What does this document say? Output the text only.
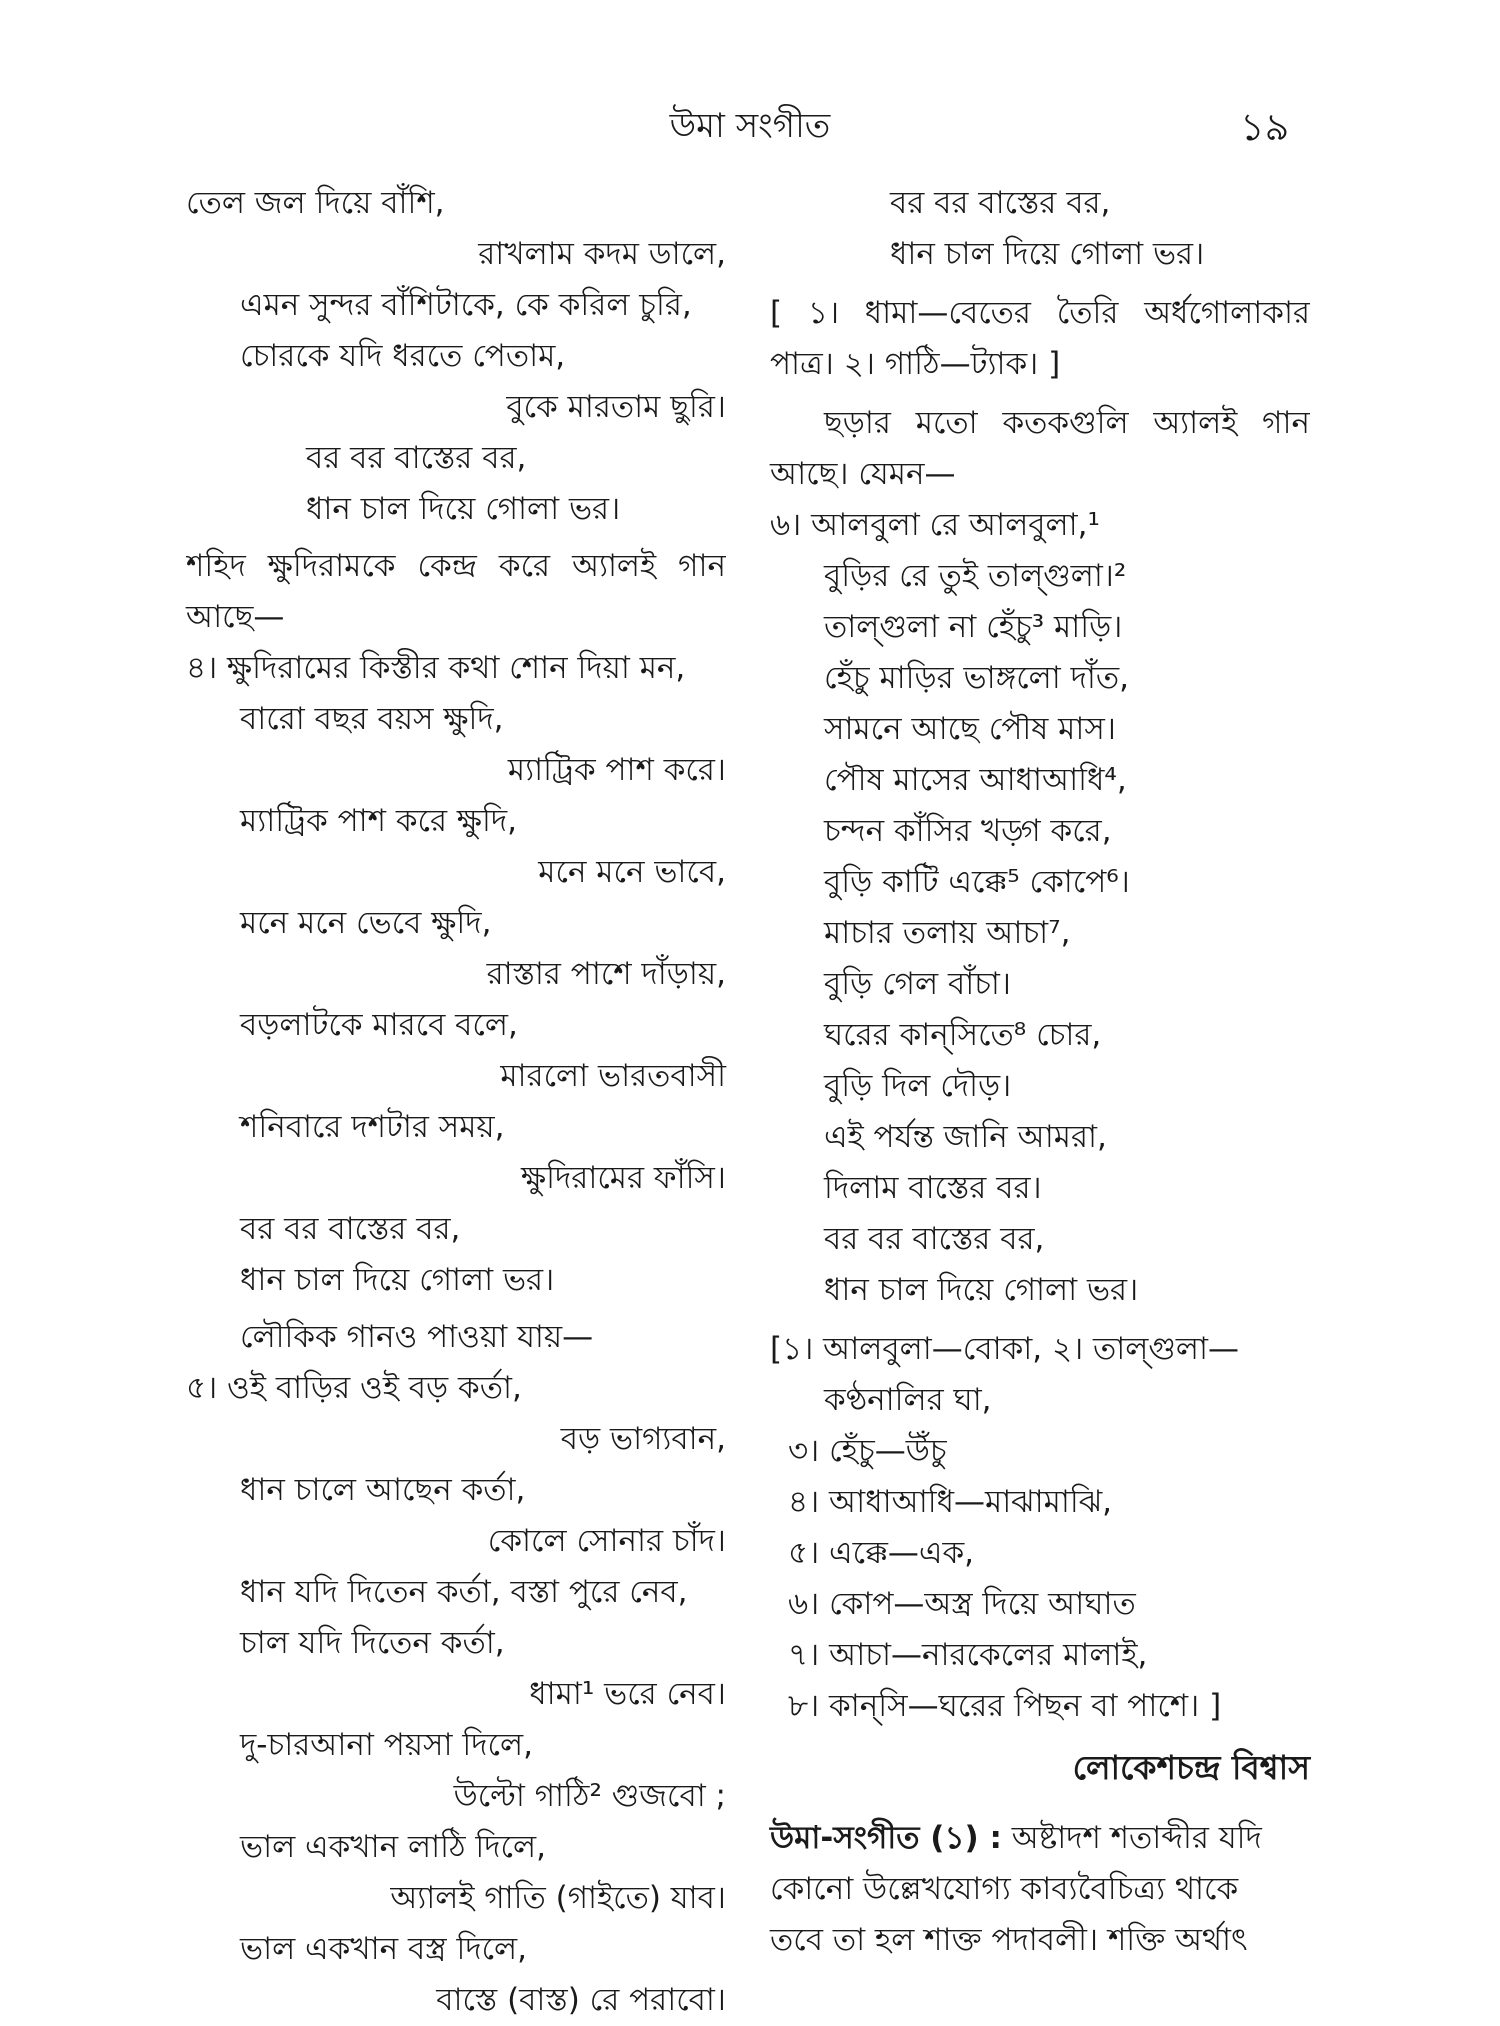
উমা সংগীত	১৯
তেল জল দিয়ে বাঁশি,
রাখলাম কদম ডালে,
এমন সুন্দর বাঁশিটাকে, কে করিল চুরি,
চোরকে যদি ধরতে পেতাম,
বুকে মারতাম ছুরি।
বর বর বাস্তের বর,
ধান চাল দিয়ে গোলা ভর।
শহিদ ক্ষুদিরামকে কেন্দ্র করে অ্যালই গান
আছে—
৪। ক্ষুদিরামের কিস্তীর কথা শোন দিয়া মন,
বারো বছর বয়স ক্ষুদি,
ম্যাট্রিক পাশ করে।
ম্যাট্রিক পাশ করে ক্ষুদি,
মনে মনে ভাবে,
মনে মনে ভেবে ক্ষুদি,
রাস্তার পাশে দাঁড়ায়,
বড়লাটকে মারবে বলে,
মারলো ভারতবাসী
শনিবারে দশটার সময়,
ক্ষুদিরামের ফাঁসি।
বর বর বাস্তের বর,
ধান চাল দিয়ে গোলা ভর।
লৌকিক গানও পাওয়া যায়—
৫। ওই বাড়ির ওই বড় কর্তা,
বড় ভাগ্যবান,
ধান চালে আছেন কর্তা,
কোলে সোনার চাঁদ।
ধান যদি দিতেন কর্তা, বস্তা পুরে নেব,
চাল যদি দিতেন কর্তা,
ধামা¹ ভরে নেব।
দু-চারআনা পয়সা দিলে,
উল্টো গাঠি² গুজবো ;
ভাল একখান লাঠি দিলে,
অ্যালই গাতি (গাইতে) যাব।
ভাল একখান বস্ত্র দিলে,
বাস্তে (বাস্ত) রে পরাবো।
বর বর বাস্তের বর,
ধান চাল দিয়ে গোলা ভর।
[ ১। ধামা—বেতের তৈরি অর্ধগোলাকার
পাত্র। ২। গাঠি—ট্যাক। ]
ছড়ার মতো কতকগুলি অ্যালই গান
আছে। যেমন—
৬। আলবুলা রে আলবুলা,¹
বুড়ির রে তুই তাল্‌গুলা।²
তাল্‌গুলা না হেঁচু³ মাড়ি।
হেঁচু মাড়ির ভাঙ্গলো দাঁত,
সামনে আছে পৌষ মাস।
পৌষ মাসের আধাআধি⁴,
চন্দন কাঁসির খড়্গ করে,
বুড়ি কাটি এক্কে⁵ কোপে⁶।
মাচার তলায় আচা⁷,
বুড়ি গেল বাঁচা।
ঘরের কান্‌সিতে⁸ চোর,
বুড়ি দিল দৌড়।
এই পর্যন্ত জানি আমরা,
দিলাম বাস্তের বর।
বর বর বাস্তের বর,
ধান চাল দিয়ে গোলা ভর।
[১। আলবুলা—বোকা, ২। তাল্‌গুলা—
কণ্ঠনালির ঘা,
৩। হেঁচু—উঁচু
৪। আধাআধি—মাঝামাঝি,
৫। এক্কে—এক,
৬। কোপ—অস্ত্র দিয়ে আঘাত
৭। আচা—নারকেলের মালাই,
৮। কান্‌সি—ঘরের পিছন বা পাশে। ]
লোকেশচন্দ্র বিশ্বাস
উমা-সংগীত (১) : অষ্টাদশ শতাব্দীর যদি
কোনো উল্লেখযোগ্য কাব্যবৈচিত্র্য থাকে
তবে তা হল শাক্ত পদাবলী। শক্তি অর্থাৎ
